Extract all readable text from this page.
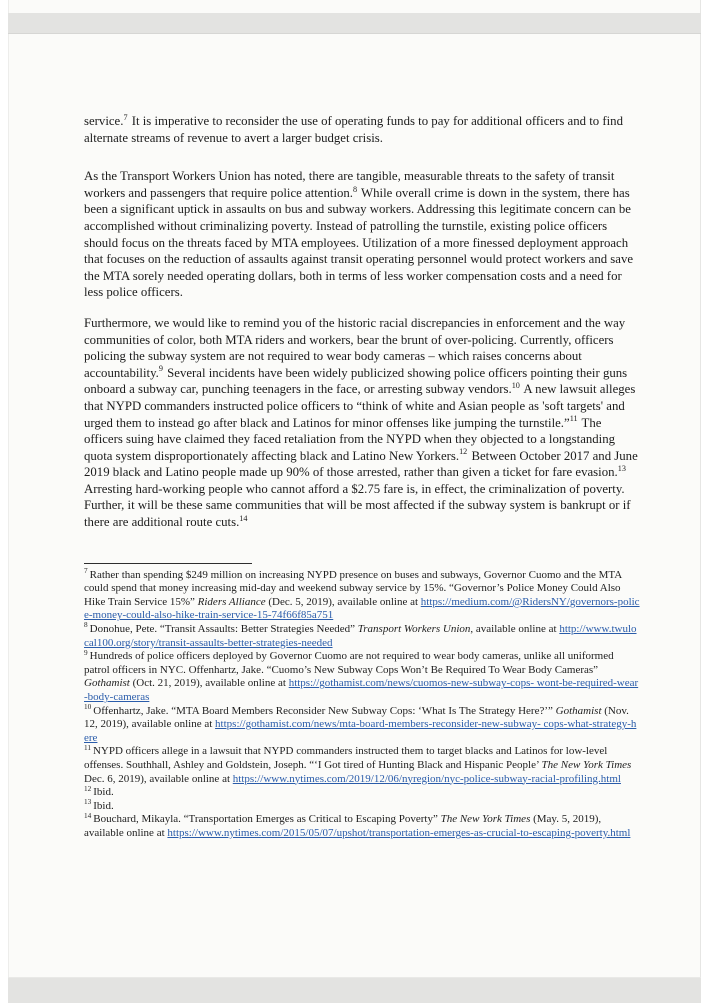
service.$^7$ It is imperative to reconsider the use of operating funds to pay for additional officers and to find alternate streams of revenue to avert a larger budget crisis.

As the Transport Workers Union has noted, there are tangible, measurable threats to the safety of transit workers and passengers that require police attention.$^8$ While overall crime is down in the system, there has been a significant uptick in assaults on bus and subway workers. Addressing this legitimate concern can be accomplished without criminalizing poverty. Instead of patrolling the turnstile, existing police officers should focus on the threats faced by MTA employees. Utilization of a more finessed deployment approach that focuses on the reduction of assaults against transit operating personnel would protect workers and save the MTA sorely needed operating dollars, both in terms of less worker compensation costs and a need for less police officers.

Furthermore, we would like to remind you of the historic racial discrepancies in enforcement and the way communities of color, both MTA riders and workers, bear the brunt of over-policing. Currently, officers policing the subway system are not required to wear body cameras – which raises concerns about accountability.$^9$ Several incidents have been widely publicized showing police officers pointing their guns onboard a subway car, punching teenagers in the face, or arresting subway vendors.$^{10}$ A new lawsuit alleges that NYPD commanders instructed police officers to “think of white and Asian people as 'soft targets' and urged them to instead go after black and Latinos for minor offenses like jumping the turnstile.”$^{11}$ The officers suing have claimed they faced retaliation from the NYPD when they objected to a longstanding quota system disproportionately affecting black and Latino New Yorkers.$^{12}$ Between October 2017 and June 2019 black and Latino people made up 90% of those arrested, rather than given a ticket for fare evasion.$^{13}$ Arresting hard-working people who cannot afford a $2.75 fare is, in effect, the criminalization of poverty. Further, it will be these same communities that will be most affected if the subway system is bankrupt or if there are additional route cuts.$^{14}$

$^7$ Rather than spending $249 million on increasing NYPD presence on buses and subways, Governor Cuomo and the MTA could spend that money increasing mid-day and weekend subway service by 15%. “Governor’s Police Money Could Also Hike Train Service 15%” Riders Alliance (Dec. 5, 2019), available online at https://medium.com/@RidersNY/governors-police-money-could-also-hike-train-service-15-74f66f85a751
$^8$ Donohue, Pete. “Transit Assaults: Better Strategies Needed” Transport Workers Union, available online at http://www.twulocal100.org/story/transit-assaults-better-strategies-needed
$^9$ Hundreds of police officers deployed by Governor Cuomo are not required to wear body cameras, unlike all uniformed patrol officers in NYC. Offenhartz, Jake. “Cuomo’s New Subway Cops Won’t Be Required To Wear Body Cameras” Gothamist (Oct. 21, 2019), available online at https://gothamist.com/news/cuomos-new-subway-cops- wont-be-required-wear-body-cameras
$^{10}$ Offenhartz, Jake. “MTA Board Members Reconsider New Subway Cops: ‘What Is The Strategy Here?’” Gothamist (Nov. 12, 2019), available online at https://gothamist.com/news/mta-board-members-reconsider-new-subway- cops-what-strategy-here
$^{11}$ NYPD officers allege in a lawsuit that NYPD commanders instructed them to target blacks and Latinos for low-level offenses. Southhall, Ashley and Goldstein, Joseph. “‘I Got tired of Hunting Black and Hispanic People’ The New York Times Dec. 6, 2019), available online at https://www.nytimes.com/2019/12/06/nyregion/nyc-police-subway-racial-profiling.html
$^{12}$ Ibid.
$^{13}$ Ibid.
$^{14}$ Bouchard, Mikayla. “Transportation Emerges as Critical to Escaping Poverty” The New York Times (May. 5, 2019), available online at https://www.nytimes.com/2015/05/07/upshot/transportation-emerges-as-crucial-to-escaping-poverty.html
